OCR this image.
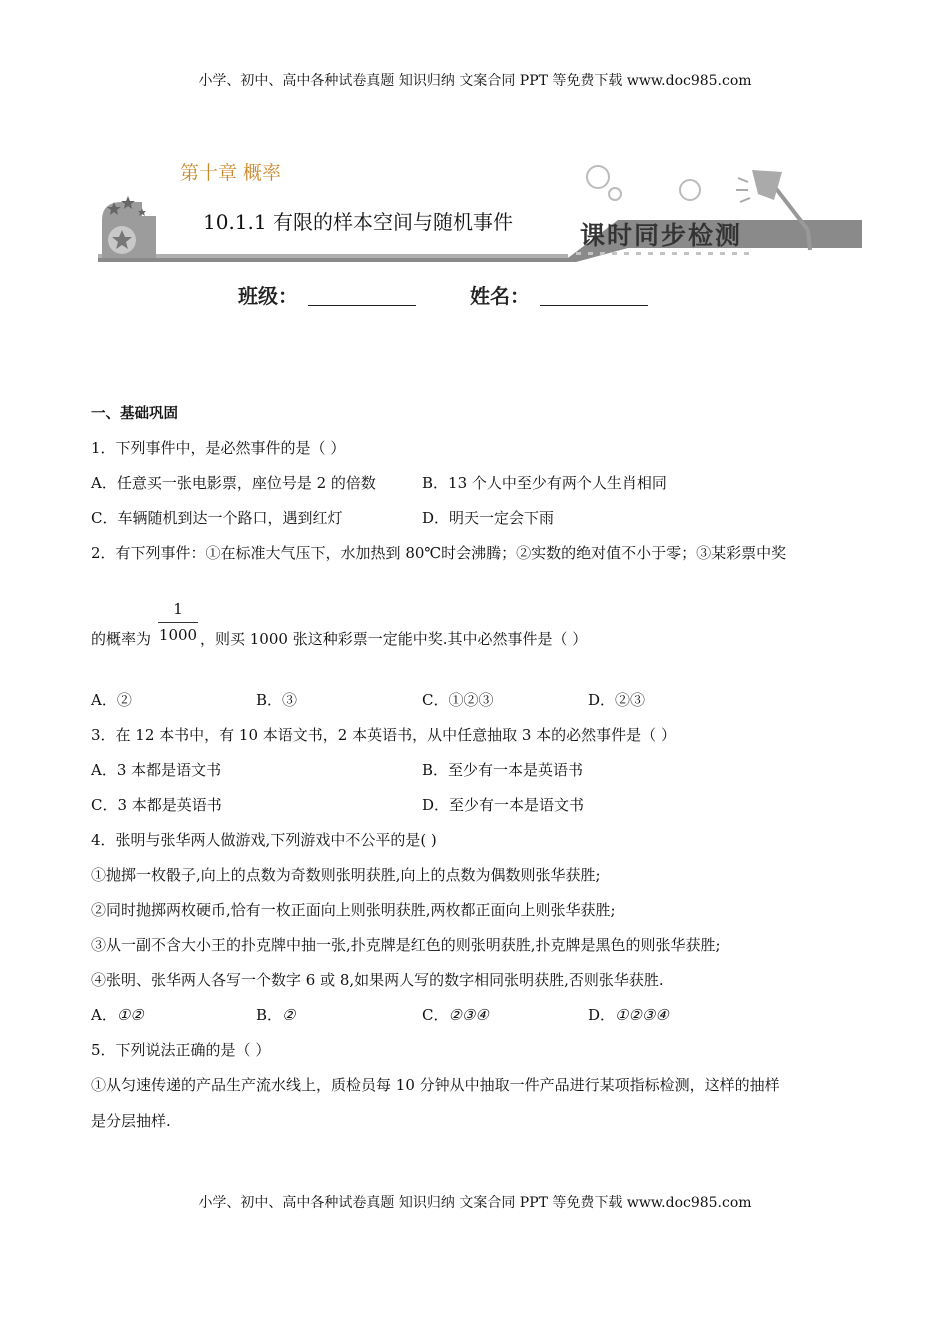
小学、初中、高中各种试卷真题 知识归纳 文案合同 PPT 等免费下载 www.doc985.com
第十章 概率
10.1.1 有限的样本空间与随机事件	课时同步检测
班级：	姓名：
一、基础巩固
1．下列事件中，是必然事件的是（ ）
A．任意买一张电影票，座位号是 2 的倍数	B．13 个人中至少有两个人生肖相同
C．车辆随机到达一个路口，遇到红灯	D．明天一定会下雨
2．有下列事件：①在标准大气压下，水加热到 80℃时会沸腾；②实数的绝对值不小于零；③某彩票中奖
的概率为
1
1000 ，则买 1000 张这种彩票一定能中奖.其中必然事件是（ ）
A．②	B．③	C．①②③	D．②③
3．在 12 本书中，有 10 本语文书，2 本英语书，从中任意抽取 3 本的必然事件是（ ）
A．3 本都是语文书	B．至少有一本是英语书
C．3 本都是英语书	D．至少有一本是语文书
4．张明与张华两人做游戏,下列游戏中不公平的是( )
①抛掷一枚骰子,向上的点数为奇数则张明获胜,向上的点数为偶数则张华获胜;
②同时抛掷两枚硬币,恰有一枚正面向上则张明获胜,两枚都正面向上则张华获胜;
③从一副不含大小王的扑克牌中抽一张,扑克牌是红色的则张明获胜,扑克牌是黑色的则张华获胜;
④张明、张华两人各写一个数字 6 或 8,如果两人写的数字相同张明获胜,否则张华获胜.
A．①②	B．②	C．②③④	D．①②③④
5．下列说法正确的是（ ）
①从匀速传递的产品生产流水线上，质检员每 10 分钟从中抽取一件产品进行某项指标检测，这样的抽样
是分层抽样.
小学、初中、高中各种试卷真题 知识归纳 文案合同 PPT 等免费下载 www.doc985.com
